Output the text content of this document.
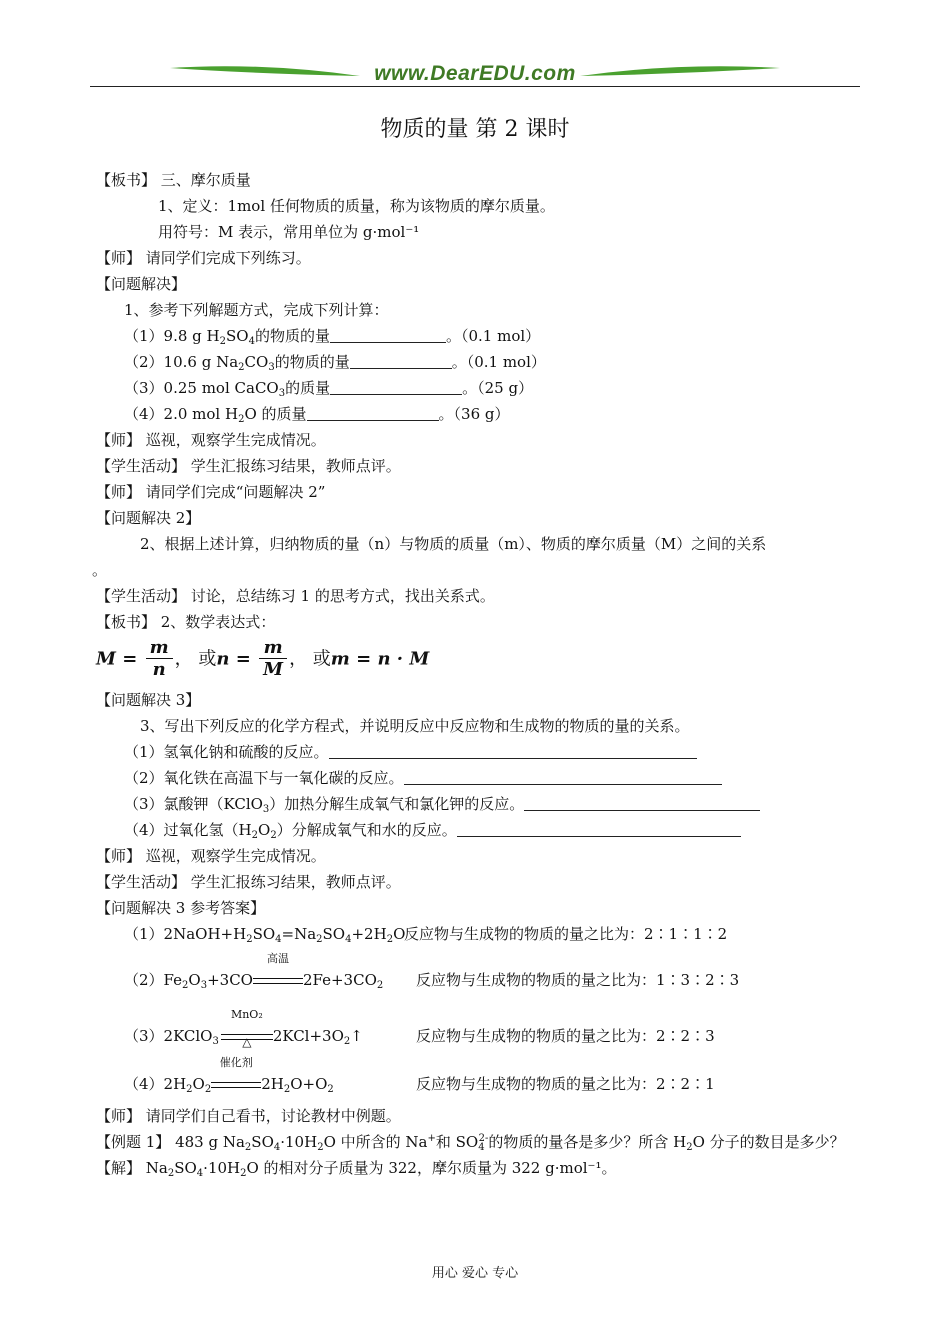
www.DearEDU.com
物质的量 第 2 课时
【板书】 三、摩尔质量
1、定义：1mol 任何物质的质量，称为该物质的摩尔质量。
用符号：M 表示，常用单位为 g·mol⁻¹
【师】 请同学们完成下列练习。
【问题解决】
1、参考下列解题方式，完成下列计算：
（1）9.8 g $H_2SO_4$的物质的量	。（0.1 mol）
（2）10.6 g $Na_2CO_3$的物质的量	。（0.1 mol）
（3）0.25 mol CaCO$_3$的质量	。（25 g）
（4）2.0 mol $H_2O$ 的质量	。（36 g）
【师】 巡视，观察学生完成情况。
【学生活动】 学生汇报练习结果，教师点评。
【师】 请同学们完成“问题解决 2”
【问题解决 2】
2、根据上述计算，归纳物质的量（n）与物质的质量（m）、物质的摩尔质量（M）之间的关系
。
【学生活动】 讨论，总结练习 1 的思考方式，找出关系式。
【板书】 2、数学表达式：
$M = \frac{m}{n}$ ， 或$n = \frac{m}{M}$ ， 或m = n · M
【问题解决 3】
3、写出下列反应的化学方程式，并说明反应中反应物和生成物的物质的量的关系。
（1）氢氧化钠和硫酸的反应。
（2）氧化铁在高温下与一氧化碳的反应。
（3）氯酸钾（KClO$_3$）加热分解生成氧气和氯化钾的反应。
（4）过氧化氢$(H_2O_2)$分解成氧气和水的反应。
【师】 巡视，观察学生完成情况。
【学生活动】 学生汇报练习结果，教师点评。
【问题解决 3 参考答案】
$(1)2NaOH+H_2SO_4=Na_2SO_4+2H_2O$
反应物与生成物的物质的量之比为：2∶1∶1∶2
$(2)Fe_2O_3+3CO$
高温
$2Fe+3CO_2$ 反应物与生成物的物质的量之比为：1∶3∶2∶3
（3）2KClO$_3$
MnO₂
△	$2KCl+3O_2↑$	反应物与生成物的物质的量之比为：2∶2∶3
$(4)2H_2O_2$
催化剂
$2H_2O+O_2$	反应物与生成物的物质的量之比为：2∶2∶1
【师】 请同学们自己看书，讨论教材中例题。
【例题 1】 483 g $Na_2SO_4\cdot 10H_2O$ 中所含的 Na+和 $SO_4^{2-}$的物质的量各是多少？所含 $H_2O$ 分子的数目是多少？
【解】 $Na_2SO_4\cdot 10H_2O$ 的相对分子质量为 322，摩尔质量为 322 g·mol⁻¹。
用心 爱心 专心
